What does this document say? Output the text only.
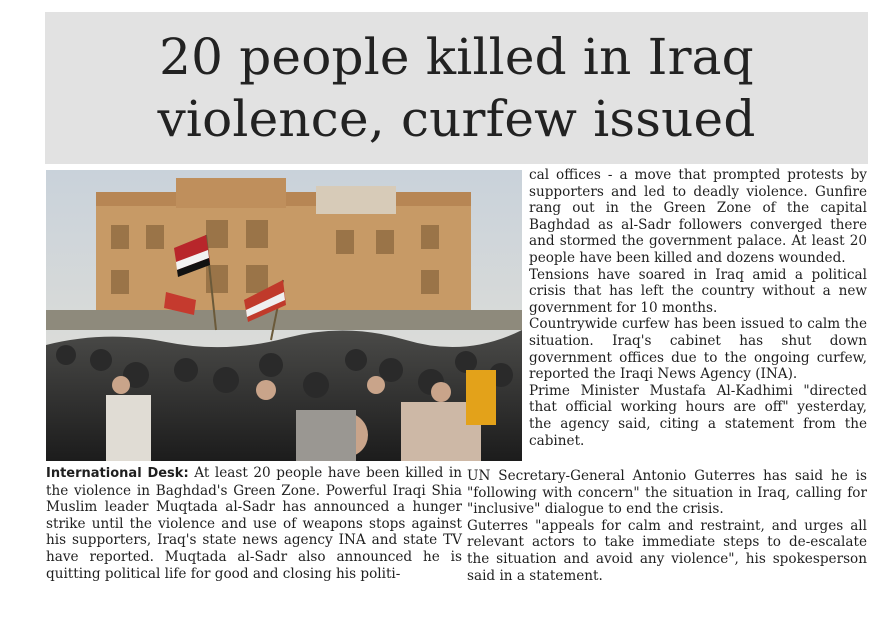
20 people killed in Iraq
violence, curfew issued

cal offices - a move that prompted protests by supporters and led to deadly violence. Gunfire rang out in the Green Zone of the capital Baghdad as al-Sadr followers converged there and stormed the government palace. At least 20 people have been killed and dozens wounded.

Tensions have soared in Iraq amid a political crisis that has left the country without a new government for 10 months.

Countrywide curfew has been issued to calm the situation. Iraq's cabinet has shut down government offices due to the ongoing curfew, reported the Iraqi News Agency (INA).

Prime Minister Mustafa Al-Kadhimi "directed that official working hours are off" yesterday, the agency said, citing a statement from the cabinet.

International Desk: At least 20 people have been killed in the violence in Baghdad's Green Zone. Powerful Iraqi Shia Muslim leader Muqtada al-Sadr has announced a hunger strike until the violence and use of weapons stops against his supporters, Iraq's state news agency INA and state TV have reported. Muqtada al-Sadr also announced he is quitting political life for good and closing his politi-

UN Secretary-General Antonio Guterres has said he is "following with concern" the situation in Iraq, calling for "inclusive" dialogue to end the crisis.

Guterres "appeals for calm and restraint, and urges all relevant actors to take immediate steps to de-escalate the situation and avoid any violence", his spokesperson said in a statement.
